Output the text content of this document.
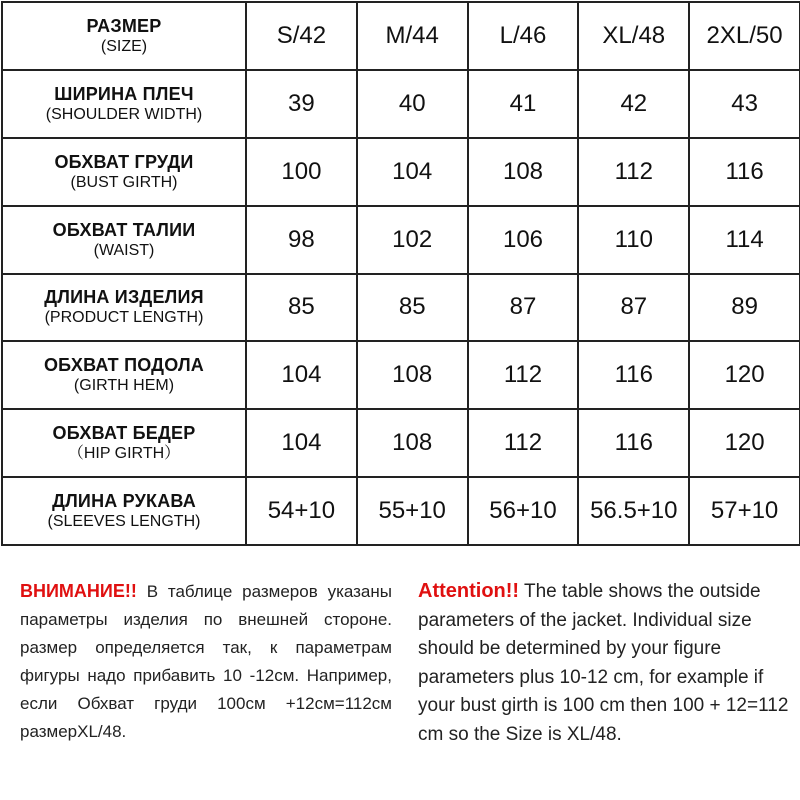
РАЗМЕР
(SIZE)	S/42	M/44	L/46	XL/48	2XL/50

ШИРИНА ПЛЕЧ
(SHOULDER WIDTH)	39	40	41	42	43

ОБХВАТ ГРУДИ
(BUST GIRTH)	100	104	108	112	116

ОБХВАТ ТАЛИИ
(WAIST)	98	102	106	110	114

ДЛИНА ИЗДЕЛИЯ
(PRODUCT LENGTH)	85	85	87	87	89

ОБХВАТ ПОДОЛА
(GIRTH HEM)	104	108	112	116	120

ОБХВАТ БЕДЕР
（HIP GIRTH）	104	108	112	116	120

ДЛИНА РУКАВА
(SLEEVES LENGTH)	54+10	55+10	56+10	56.5+10	57+10
ВНИМАНИЕ!! В таблице размеров указаны параметры изделия по внешней стороне. размер определяется так, к параметрам фигуры надо прибавить 10 -12см. Например, если Обхват груди 100см +12см=112см размерXL/48.
Attention!! The table shows the outside parameters of the jacket. Individual size should be determined by your figure parameters plus 10-12 cm, for example if your bust girth is 100 cm then 100 + 12=112 cm so the Size is XL/48.
